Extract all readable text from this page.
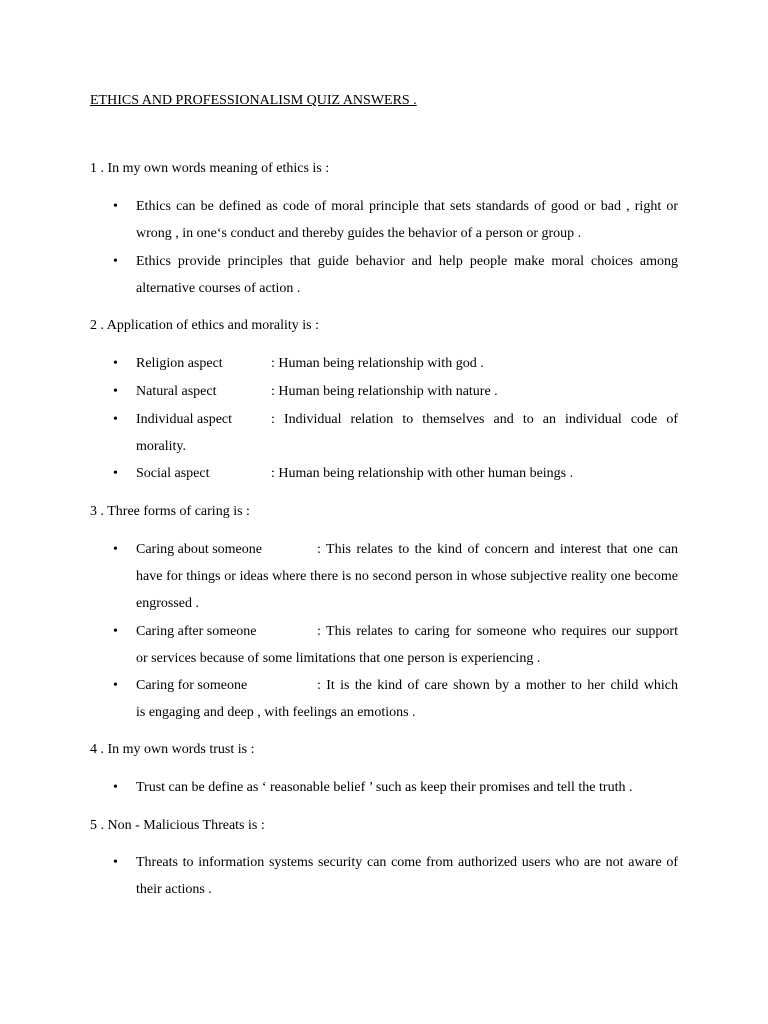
ETHICS AND PROFESSIONALISM QUIZ ANSWERS .
1 . In my own words meaning of ethics is :
• Ethics can be defined as code of moral principle that sets standards of good or bad , right or wrong , in one‘s conduct and thereby guides the behavior of a person or group .
• Ethics provide principles that guide behavior and help people make moral choices among alternative courses of action .
2 . Application of ethics and morality is :
• Religion aspect	: Human being relationship with god .
• Natural aspect	: Human being relationship with nature .
• Individual aspect	: Individual relation to themselves and to an individual code of
morality.
• Social aspect	: Human being relationship with other human beings .
3 . Three forms of caring is :
• Caring about someone	: This relates to the kind of concern and interest that one can
have for things or ideas where there is no second person in whose subjective reality one become engrossed .
• Caring after someone	: This relates to caring for someone who requires our support
or services because of some limitations that one person is experiencing .
• Caring for someone	: It is the kind of care shown by a mother to her child which
is engaging and deep , with feelings an emotions .
4 . In my own words trust is :
• Trust can be define as ‘ reasonable belief ’ such as keep their promises and tell the truth .
5 . Non - Malicious Threats is :
• Threats to information systems security can come from authorized users who are not aware of their actions .
